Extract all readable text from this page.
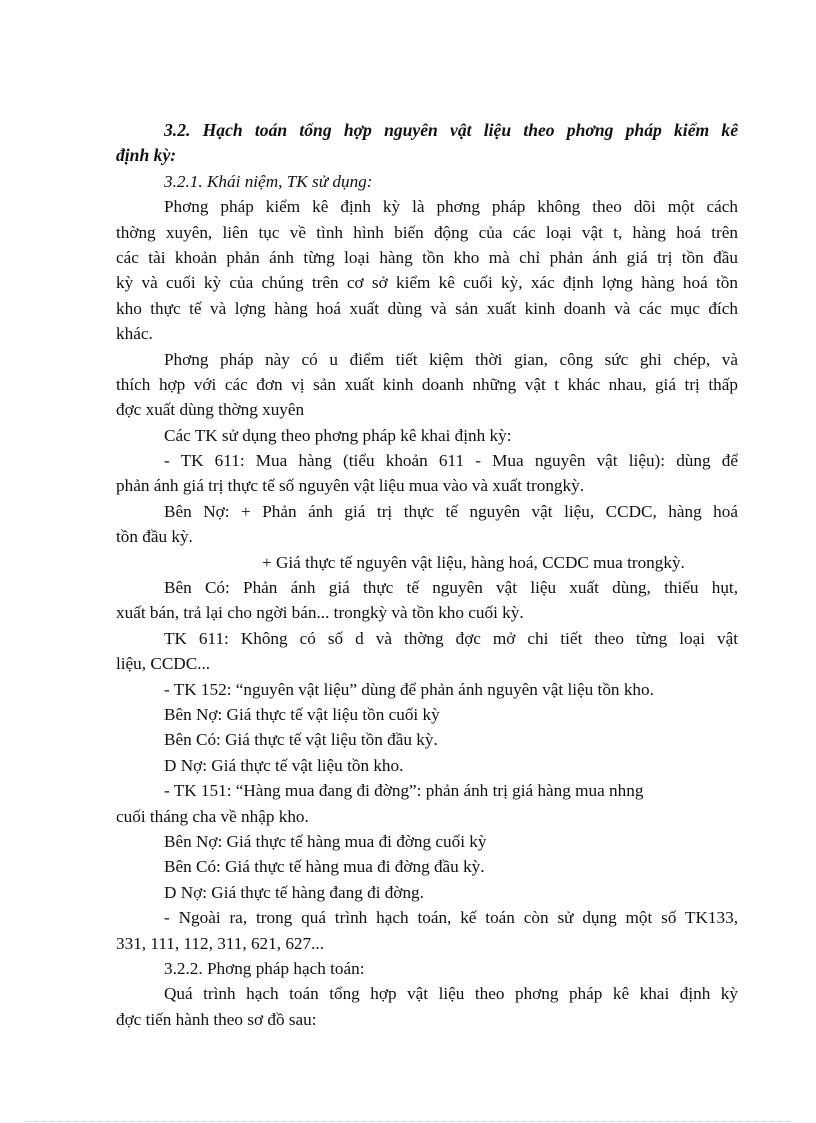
3.2. Hạch toán tổng hợp nguyên vật liệu theo phơng pháp kiểm kê
định kỳ:
3.2.1. Khái niệm, TK sử dụng:
Phơng pháp kiểm kê định kỳ là phơng pháp không theo dõi một cách
thờng xuyên, liên tục về tình hình biến động của các loại vật t, hàng hoá trên
các tài khoản phản ánh từng loại hàng tồn kho mà chỉ phản ánh giá trị tồn đầu
kỳ và cuối kỳ của chúng trên cơ sở kiểm kê cuối kỳ, xác định lợng hàng hoá tồn
kho thực tế và lợng hàng hoá xuất dùng và sản xuất kinh doanh và các mục đích
khác.
Phơng pháp này có u điểm tiết kiệm thời gian, công sức ghi chép, và
thích hợp với các đơn vị sản xuất kinh doanh những vật t khác nhau, giá trị thấp
đợc xuất dùng thờng xuyên
Các TK sử dụng theo phơng pháp kê khai định kỳ:
- TK 611: Mua hàng (tiểu khoản 611 - Mua nguyên vật liệu): dùng để
phản ánh giá trị thực tế số nguyên vật liệu mua vào và xuất trongkỳ.
Bên Nợ: + Phản ánh giá trị thực tế nguyên vật liệu, CCDC, hàng hoá
tồn đầu kỳ.
+ Giá thực tế nguyên vật liệu, hàng hoá, CCDC mua trongkỳ.
Bên Có: Phản ánh giá thực tế nguyên vật liệu xuất dùng, thiếu hụt,
xuất bán, trả lại cho ngời bán... trongkỳ và tồn kho cuối kỳ.
TK 611: Không có số d và thờng đợc mở chi tiết theo từng loại vật
liệu, CCDC...
- TK 152: “nguyên vật liệu” dùng để phản ánh nguyên vật liệu tồn kho.
Bên Nợ: Giá thực tế vật liệu tồn cuối kỳ
Bên Có: Giá thực tế vật liệu tồn đầu kỳ.
D Nợ: Giá thực tế vật liệu tồn kho.
- TK 151: “Hàng mua đang đi đờng”: phản ánh trị giá hàng mua nhng
cuối tháng cha về nhập kho.
Bên Nợ: Giá thực tế hàng mua đi đờng cuối kỳ
Bên Có: Giá thực tế hàng mua đi đờng đầu kỳ.
D Nợ: Giá thực tế hàng đang đi đờng.
- Ngoài ra, trong quá trình hạch toán, kế toán còn sử dụng một số TK133,
331, 111, 112, 311, 621, 627...
3.2.2. Phơng pháp hạch toán:
Quá trình hạch toán tổng hợp vật liệu theo phơng pháp kê khai định kỳ
đợc tiến hành theo sơ đồ sau:
